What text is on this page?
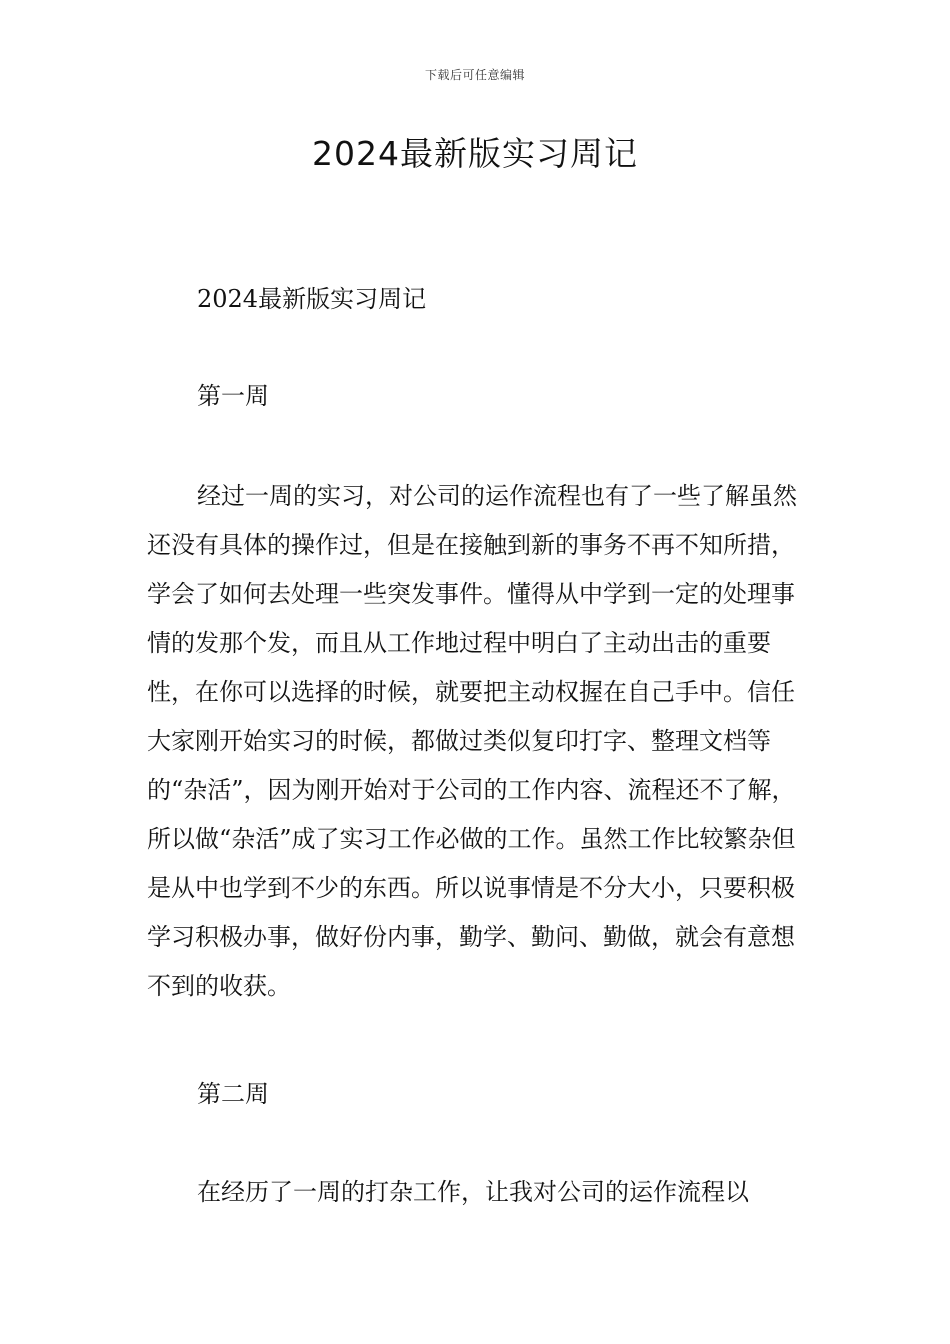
下载后可任意编辑
2024最新版实习周记

2024最新版实习周记

第一周

经过一周的实习，对公司的运作流程也有了一些了解虽然还没有具体的操作过，但是在接触到新的事务不再不知所措，学会了如何去处理一些突发事件。懂得从中学到一定的处理事情的发那个发，而且从工作地过程中明白了主动出击的重要性，在你可以选择的时候，就要把主动权握在自己手中。信任大家刚开始实习的时候，都做过类似复印打字、整理文档等的“杂活”，因为刚开始对于公司的工作内容、流程还不了解，所以做“杂活”成了实习工作必做的工作。虽然工作比较繁杂但是从中也学到不少的东西。所以说事情是不分大小，只要积极学习积极办事，做好份内事，勤学、勤问、勤做，就会有意想不到的收获。

第二周

在经历了一周的打杂工作，让我对公司的运作流程以
